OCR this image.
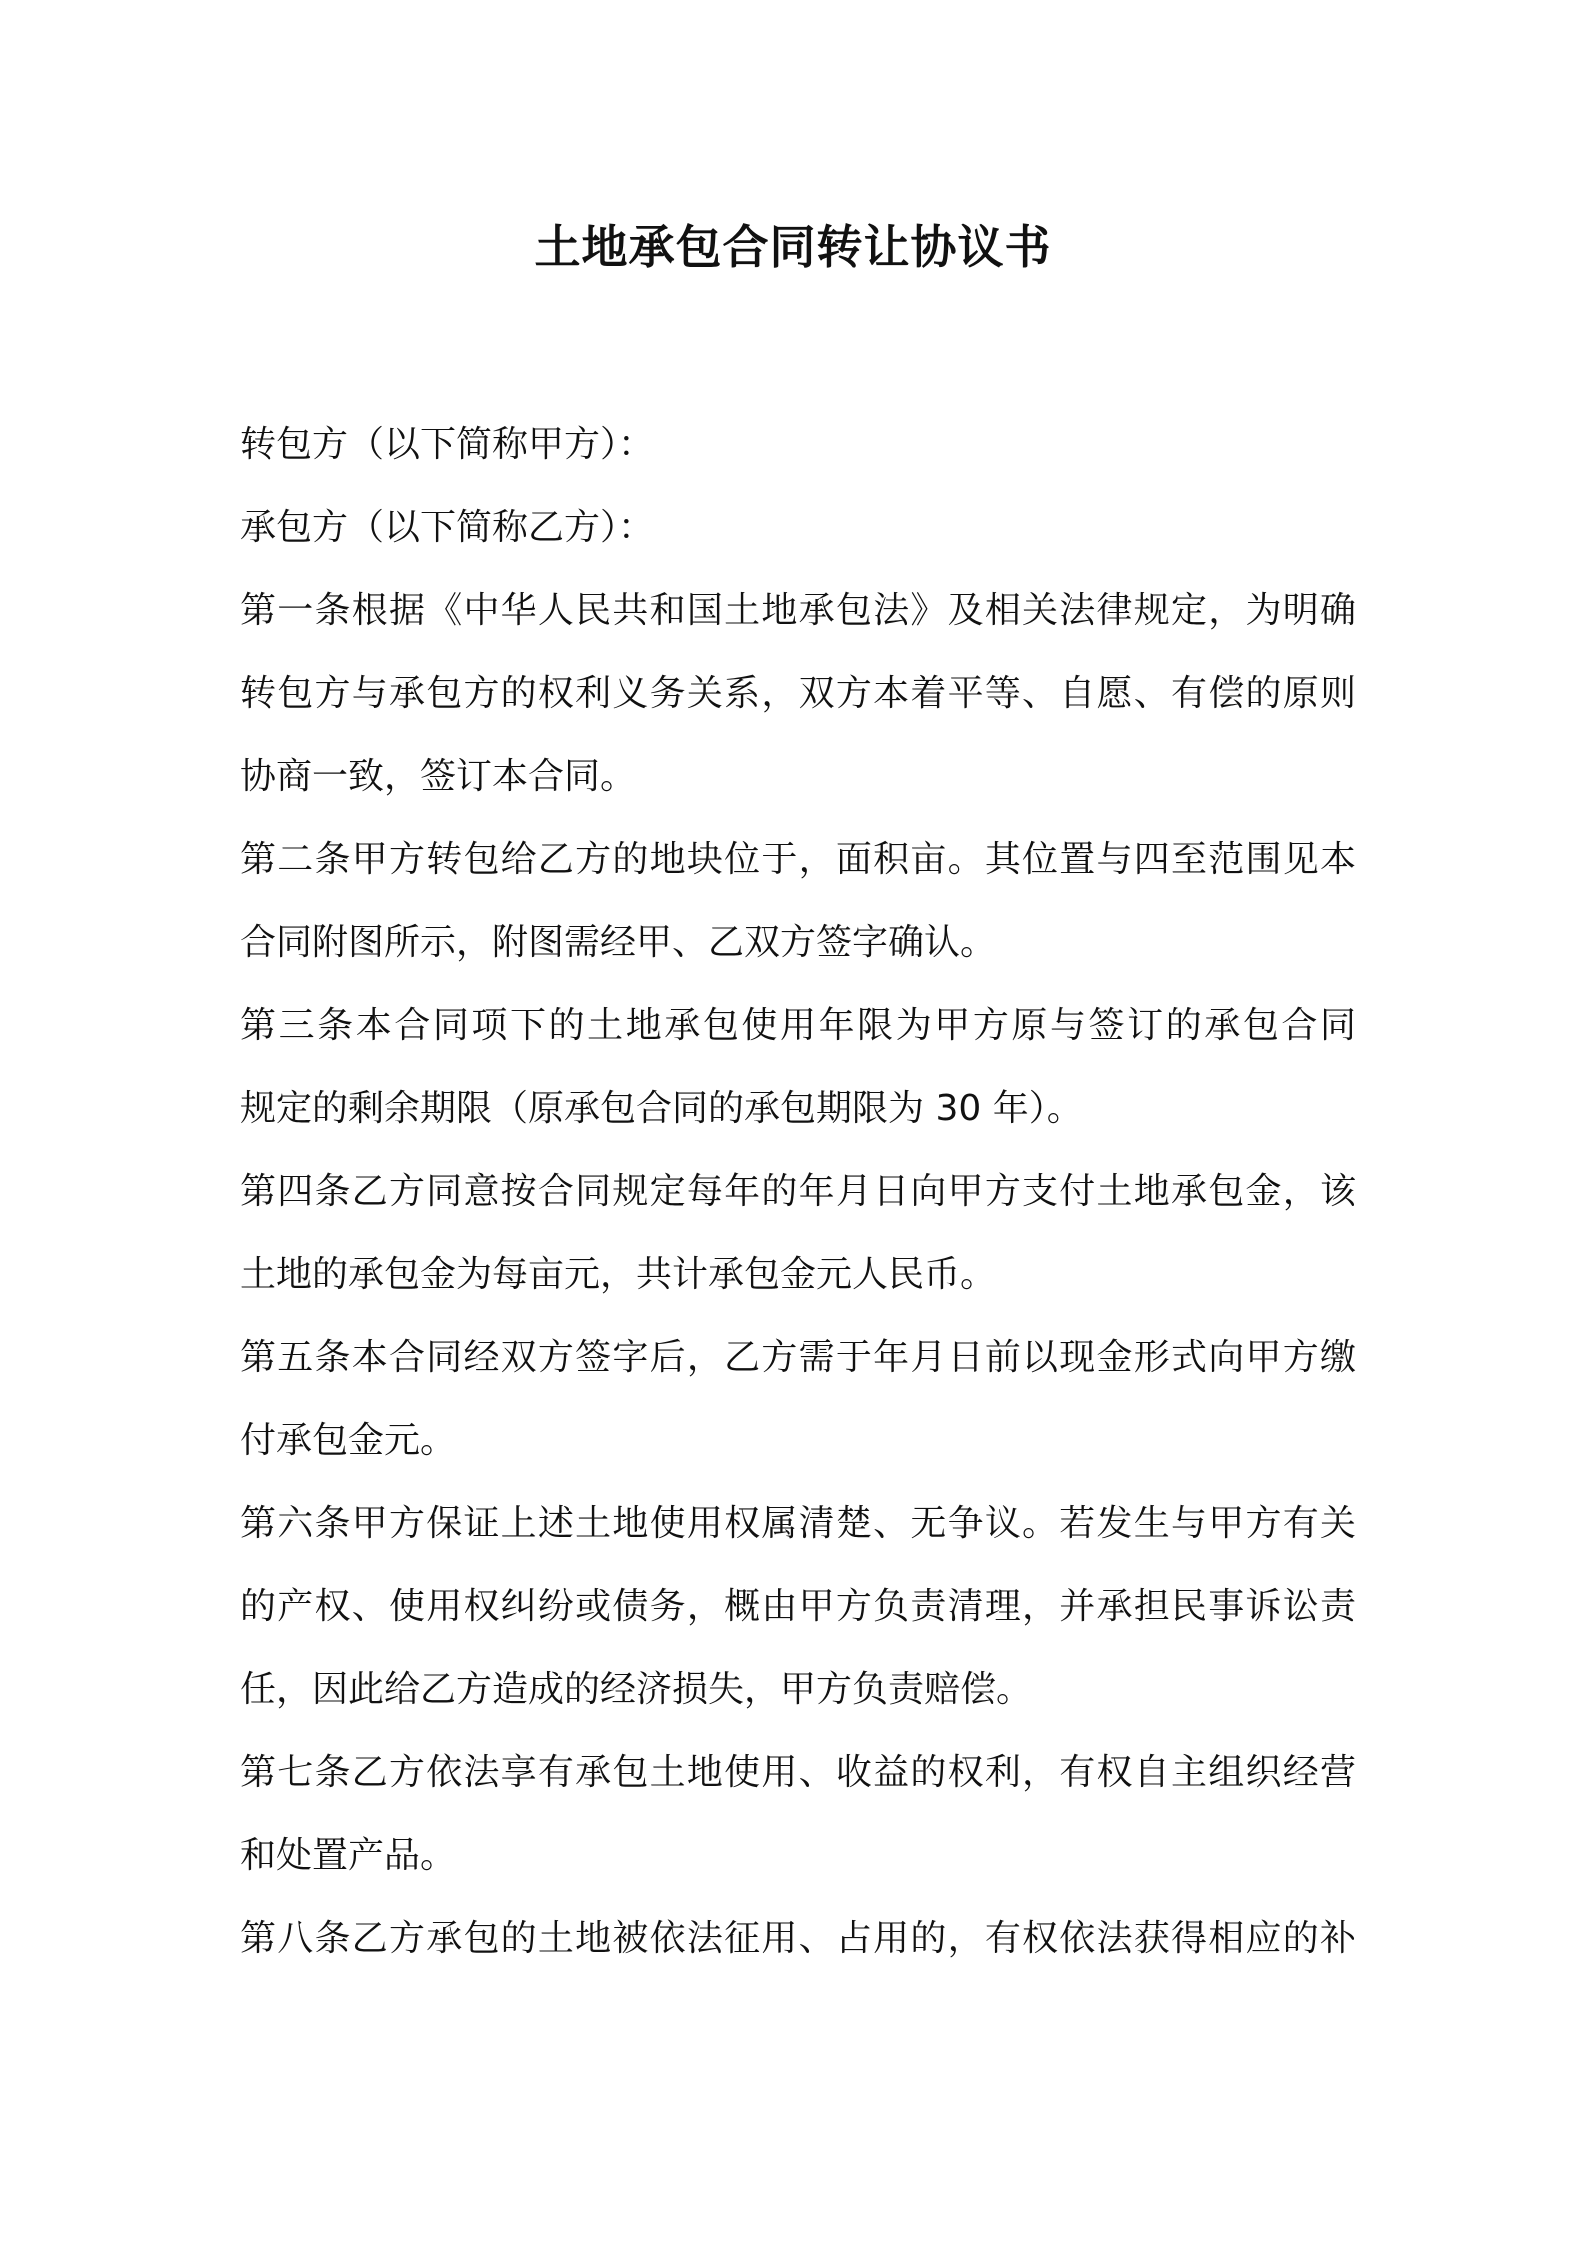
土地承包合同转让协议书
转包方（以下简称甲方）：
承包方（以下简称乙方）：
第一条根据《中华人民共和国土地承包法》及相关法律规定，为明确
转包方与承包方的权利义务关系，双方本着平等、自愿、有偿的原则
协商一致，签订本合同。
第二条甲方转包给乙方的地块位于，面积亩。其位置与四至范围见本
合同附图所示，附图需经甲、乙双方签字确认。
第三条本合同项下的土地承包使用年限为甲方原与签订的承包合同
规定的剩余期限（原承包合同的承包期限为 30 年）。
第四条乙方同意按合同规定每年的年月日向甲方支付土地承包金，该
土地的承包金为每亩元，共计承包金元人民币。
第五条本合同经双方签字后，乙方需于年月日前以现金形式向甲方缴
付承包金元。
第六条甲方保证上述土地使用权属清楚、无争议。若发生与甲方有关
的产权、使用权纠纷或债务，概由甲方负责清理，并承担民事诉讼责
任，因此给乙方造成的经济损失，甲方负责赔偿。
第七条乙方依法享有承包土地使用、收益的权利，有权自主组织经营
和处置产品。
第八条乙方承包的土地被依法征用、占用的，有权依法获得相应的补
